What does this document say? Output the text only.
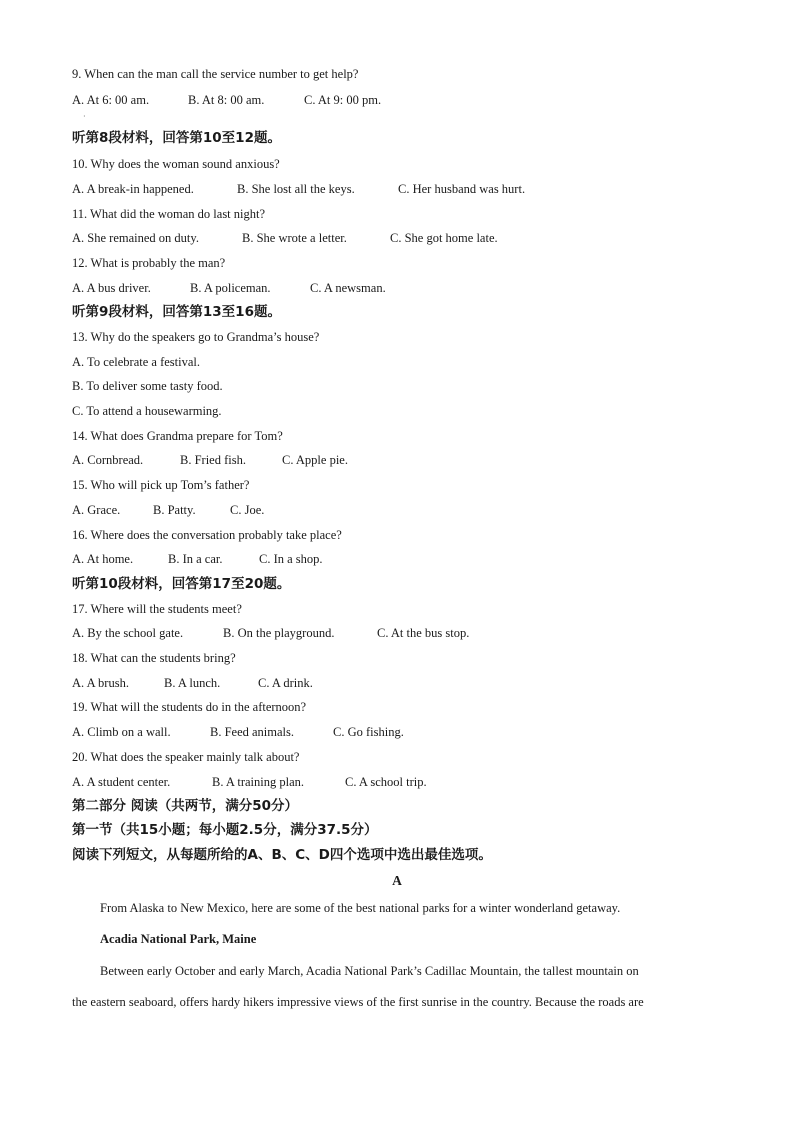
9. When can the man call the service number to get help?
A. At 6: 00 am.	B. At 8: 00 am.	C. At 9: 00 pm.
·
听第8段材料，回答第10至12题。
10. Why does the woman sound anxious?
A. A break-in happened.	B. She lost all the keys.	C. Her husband was hurt.
11. What did the woman do last night?
A. She remained on duty.	B. She wrote a letter.	C. She got home late.
12. What is probably the man?
A. A bus driver.	B. A policeman.	C. A newsman.
听第9段材料，回答第13至16题。
13. Why do the speakers go to Grandma’s house?
A. To celebrate a festival.
B. To deliver some tasty food.
C. To attend a housewarming.
14. What does Grandma prepare for Tom?
A. Cornbread.	B. Fried fish.	C. Apple pie.
15. Who will pick up Tom’s father?
A. Grace.	B. Patty.	C. Joe.
16. Where does the conversation probably take place?
A. At home.	B. In a car.	C. In a shop.
听第10段材料，回答第17至20题。
17. Where will the students meet?
A. By the school gate.	B. On the playground.	C. At the bus stop.
18. What can the students bring?
A. A brush.	B. A lunch.	C. A drink.
19. What will the students do in the afternoon?
A. Climb on a wall.	B. Feed animals.	C. Go fishing.
20. What does the speaker mainly talk about?
A. A student center.	B. A training plan.	C. A school trip.
第二部分 阅读（共两节，满分50分）
第一节（共15小题；每小题2.5分，满分37.5分）
阅读下列短文，从每题所给的A、B、C、D四个选项中选出最佳选项。
A
From Alaska to New Mexico, here are some of the best national parks for a winter wonderland getaway.
Acadia National Park, Maine
Between early October and early March, Acadia National Park’s Cadillac Mountain, the tallest mountain on
the eastern seaboard, offers hardy hikers impressive views of the first sunrise in the country. Because the roads are
